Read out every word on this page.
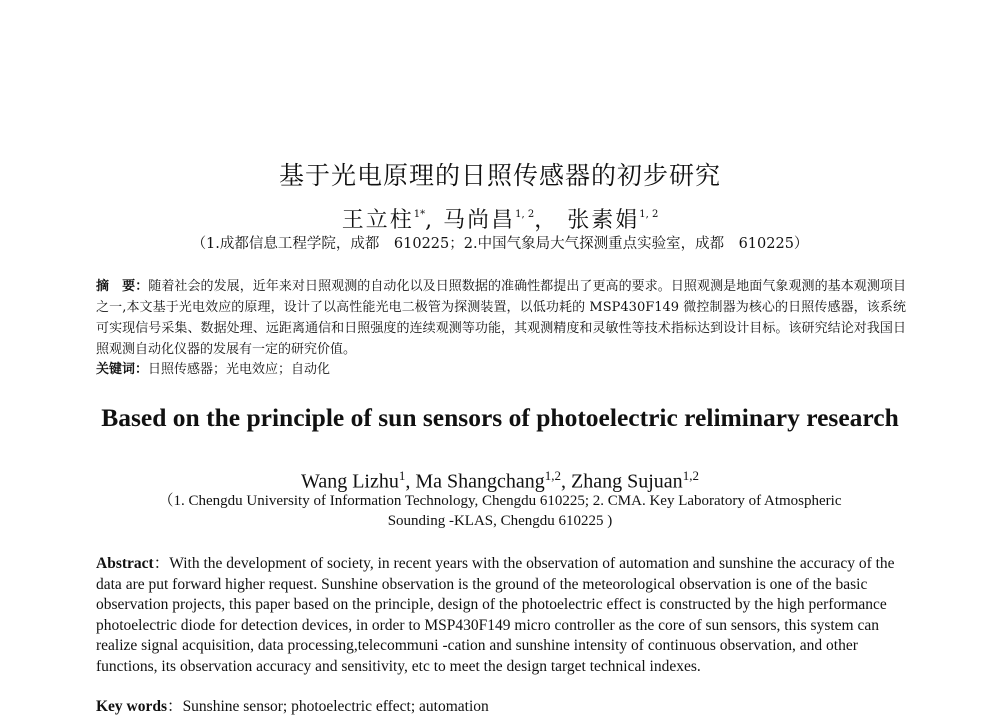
基于光电原理的日照传感器的初步研究
王立柱$^{1*}$, 马尚昌$^{1, 2}$， 张素娟$^{1, 2}$
（1.成都信息工程学院，成都　610225；2.中国气象局大气探测重点实验室，成都　610225）
摘　要：随着社会的发展，近年来对日照观测的自动化以及日照数据的准确性都提出了更高的要求。日照观测是地面气象观测的基本观测项目之一,本文基于光电效应的原理，设计了以高性能光电二极管为探测装置，以低功耗的 MSP430F149 微控制器为核心的日照传感器，该系统可实现信号采集、数据处理、远距离通信和日照强度的连续观测等功能，其观测精度和灵敏性等技术指标达到设计目标。该研究结论对我国日照观测自动化仪器的发展有一定的研究价值。
关键词：日照传感器；光电效应；自动化
Based on the principle of sun sensors of photoelectric reliminary research
Wang Lizhu$^1$, Ma Shangchang$^{1,2}$, Zhang Sujuan$^{1,2}$
（1. Chengdu University of Information Technology, Chengdu 610225; 2. CMA. Key Laboratory of Atmospheric Sounding -KLAS, Chengdu 610225 )
Abstract：With the development of society, in recent years with the observation of automation and sunshine the accuracy of the data are put forward higher request. Sunshine observation is the ground of the meteorological observation is one of the basic observation projects, this paper based on the principle, design of the photoelectric effect is constructed by the high performance photoelectric diode for detection devices, in order to MSP430F149 micro controller as the core of sun sensors, this system can realize signal acquisition, data processing,telecommuni -cation and sunshine intensity of continuous observation, and other functions, its observation accuracy and sensitivity, etc to meet the design target technical indexes.
Key words：Sunshine sensor; photoelectric effect; automation
